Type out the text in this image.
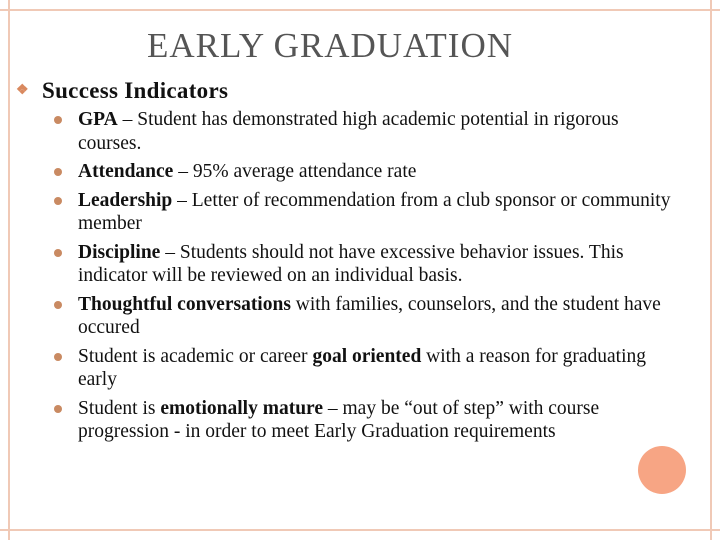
EARLY GRADUATION
❖ Success Indicators
GPA – Student has demonstrated high academic potential in rigorous courses.
Attendance – 95% average attendance rate
Leadership – Letter of recommendation from a club sponsor or community member
Discipline – Students should not have excessive behavior issues. This indicator will be reviewed on an individual basis.
Thoughtful conversations with families, counselors, and the student have occured
Student is academic or career goal oriented with a reason for graduating early
Student is emotionally mature – may be “out of step” with course progression - in order to meet Early Graduation requirements
